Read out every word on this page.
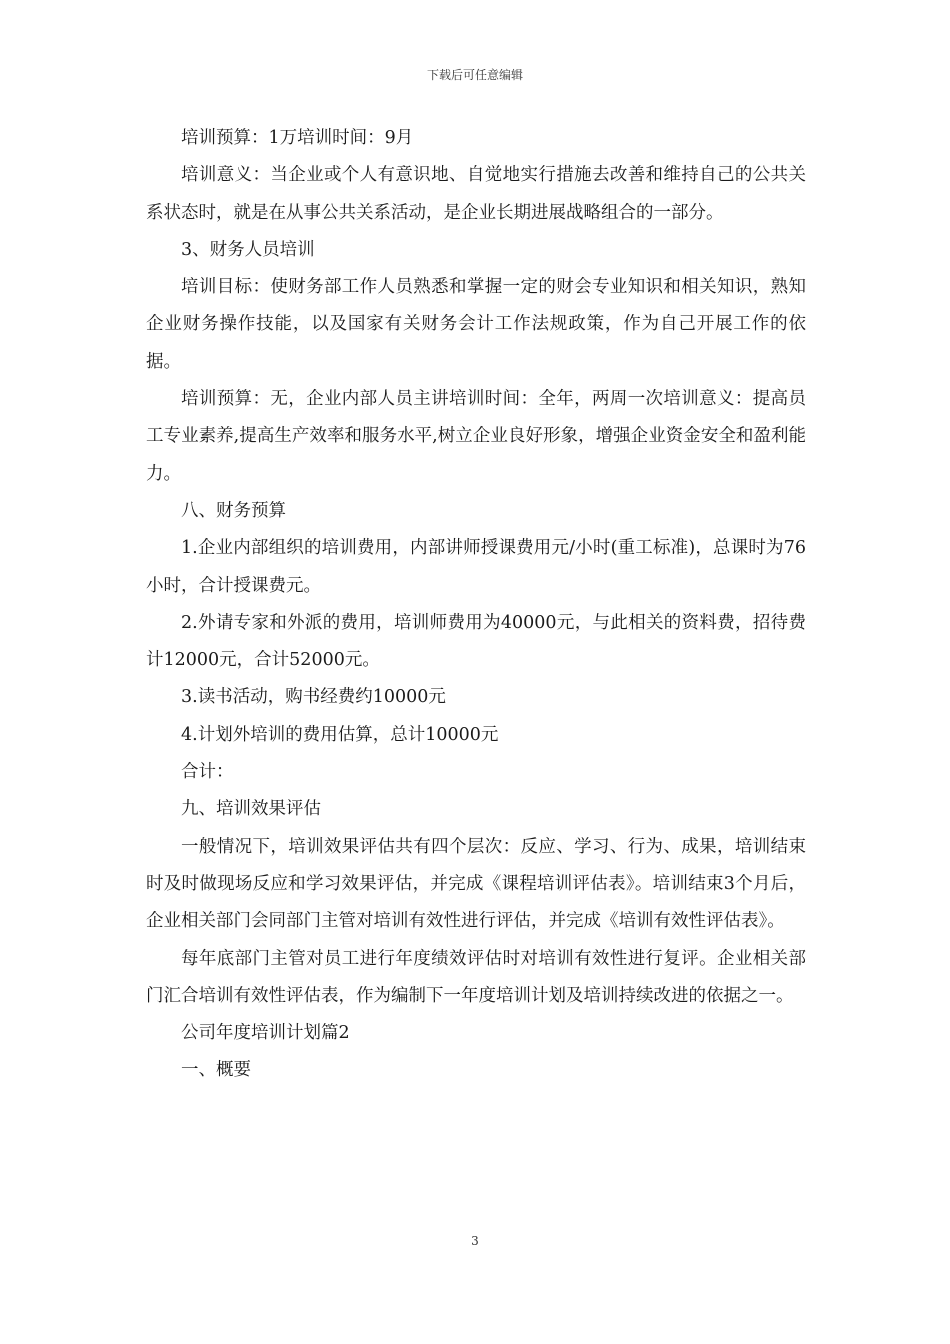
下载后可任意编辑

培训预算：1万培训时间：9月

培训意义：当企业或个人有意识地、自觉地实行措施去改善和维持自己的公共关系状态时，就是在从事公共关系活动，是企业长期进展战略组合的一部分。

3、财务人员培训

培训目标：使财务部工作人员熟悉和掌握一定的财会专业知识和相关知识，熟知企业财务操作技能，以及国家有关财务会计工作法规政策，作为自己开展工作的依据。

培训预算：无，企业内部人员主讲培训时间：全年，两周一次培训意义：提高员工专业素养,提高生产效率和服务水平,树立企业良好形象，增强企业资金安全和盈利能力。

八、财务预算

1.企业内部组织的培训费用，内部讲师授课费用元/小时(重工标准)，总课时为76小时，合计授课费元。

2.外请专家和外派的费用，培训师费用为40000元，与此相关的资料费，招待费计12000元，合计52000元。

3.读书活动，购书经费约10000元

4.计划外培训的费用估算，总计10000元

合计：

九、培训效果评估

一般情况下，培训效果评估共有四个层次：反应、学习、行为、成果，培训结束时及时做现场反应和学习效果评估，并完成《课程培训评估表》。培训结束3个月后，企业相关部门会同部门主管对培训有效性进行评估，并完成《培训有效性评估表》。

每年底部门主管对员工进行年度绩效评估时对培训有效性进行复评。企业相关部门汇合培训有效性评估表，作为编制下一年度培训计划及培训持续改进的依据之一。

公司年度培训计划篇2

一、概要

3
